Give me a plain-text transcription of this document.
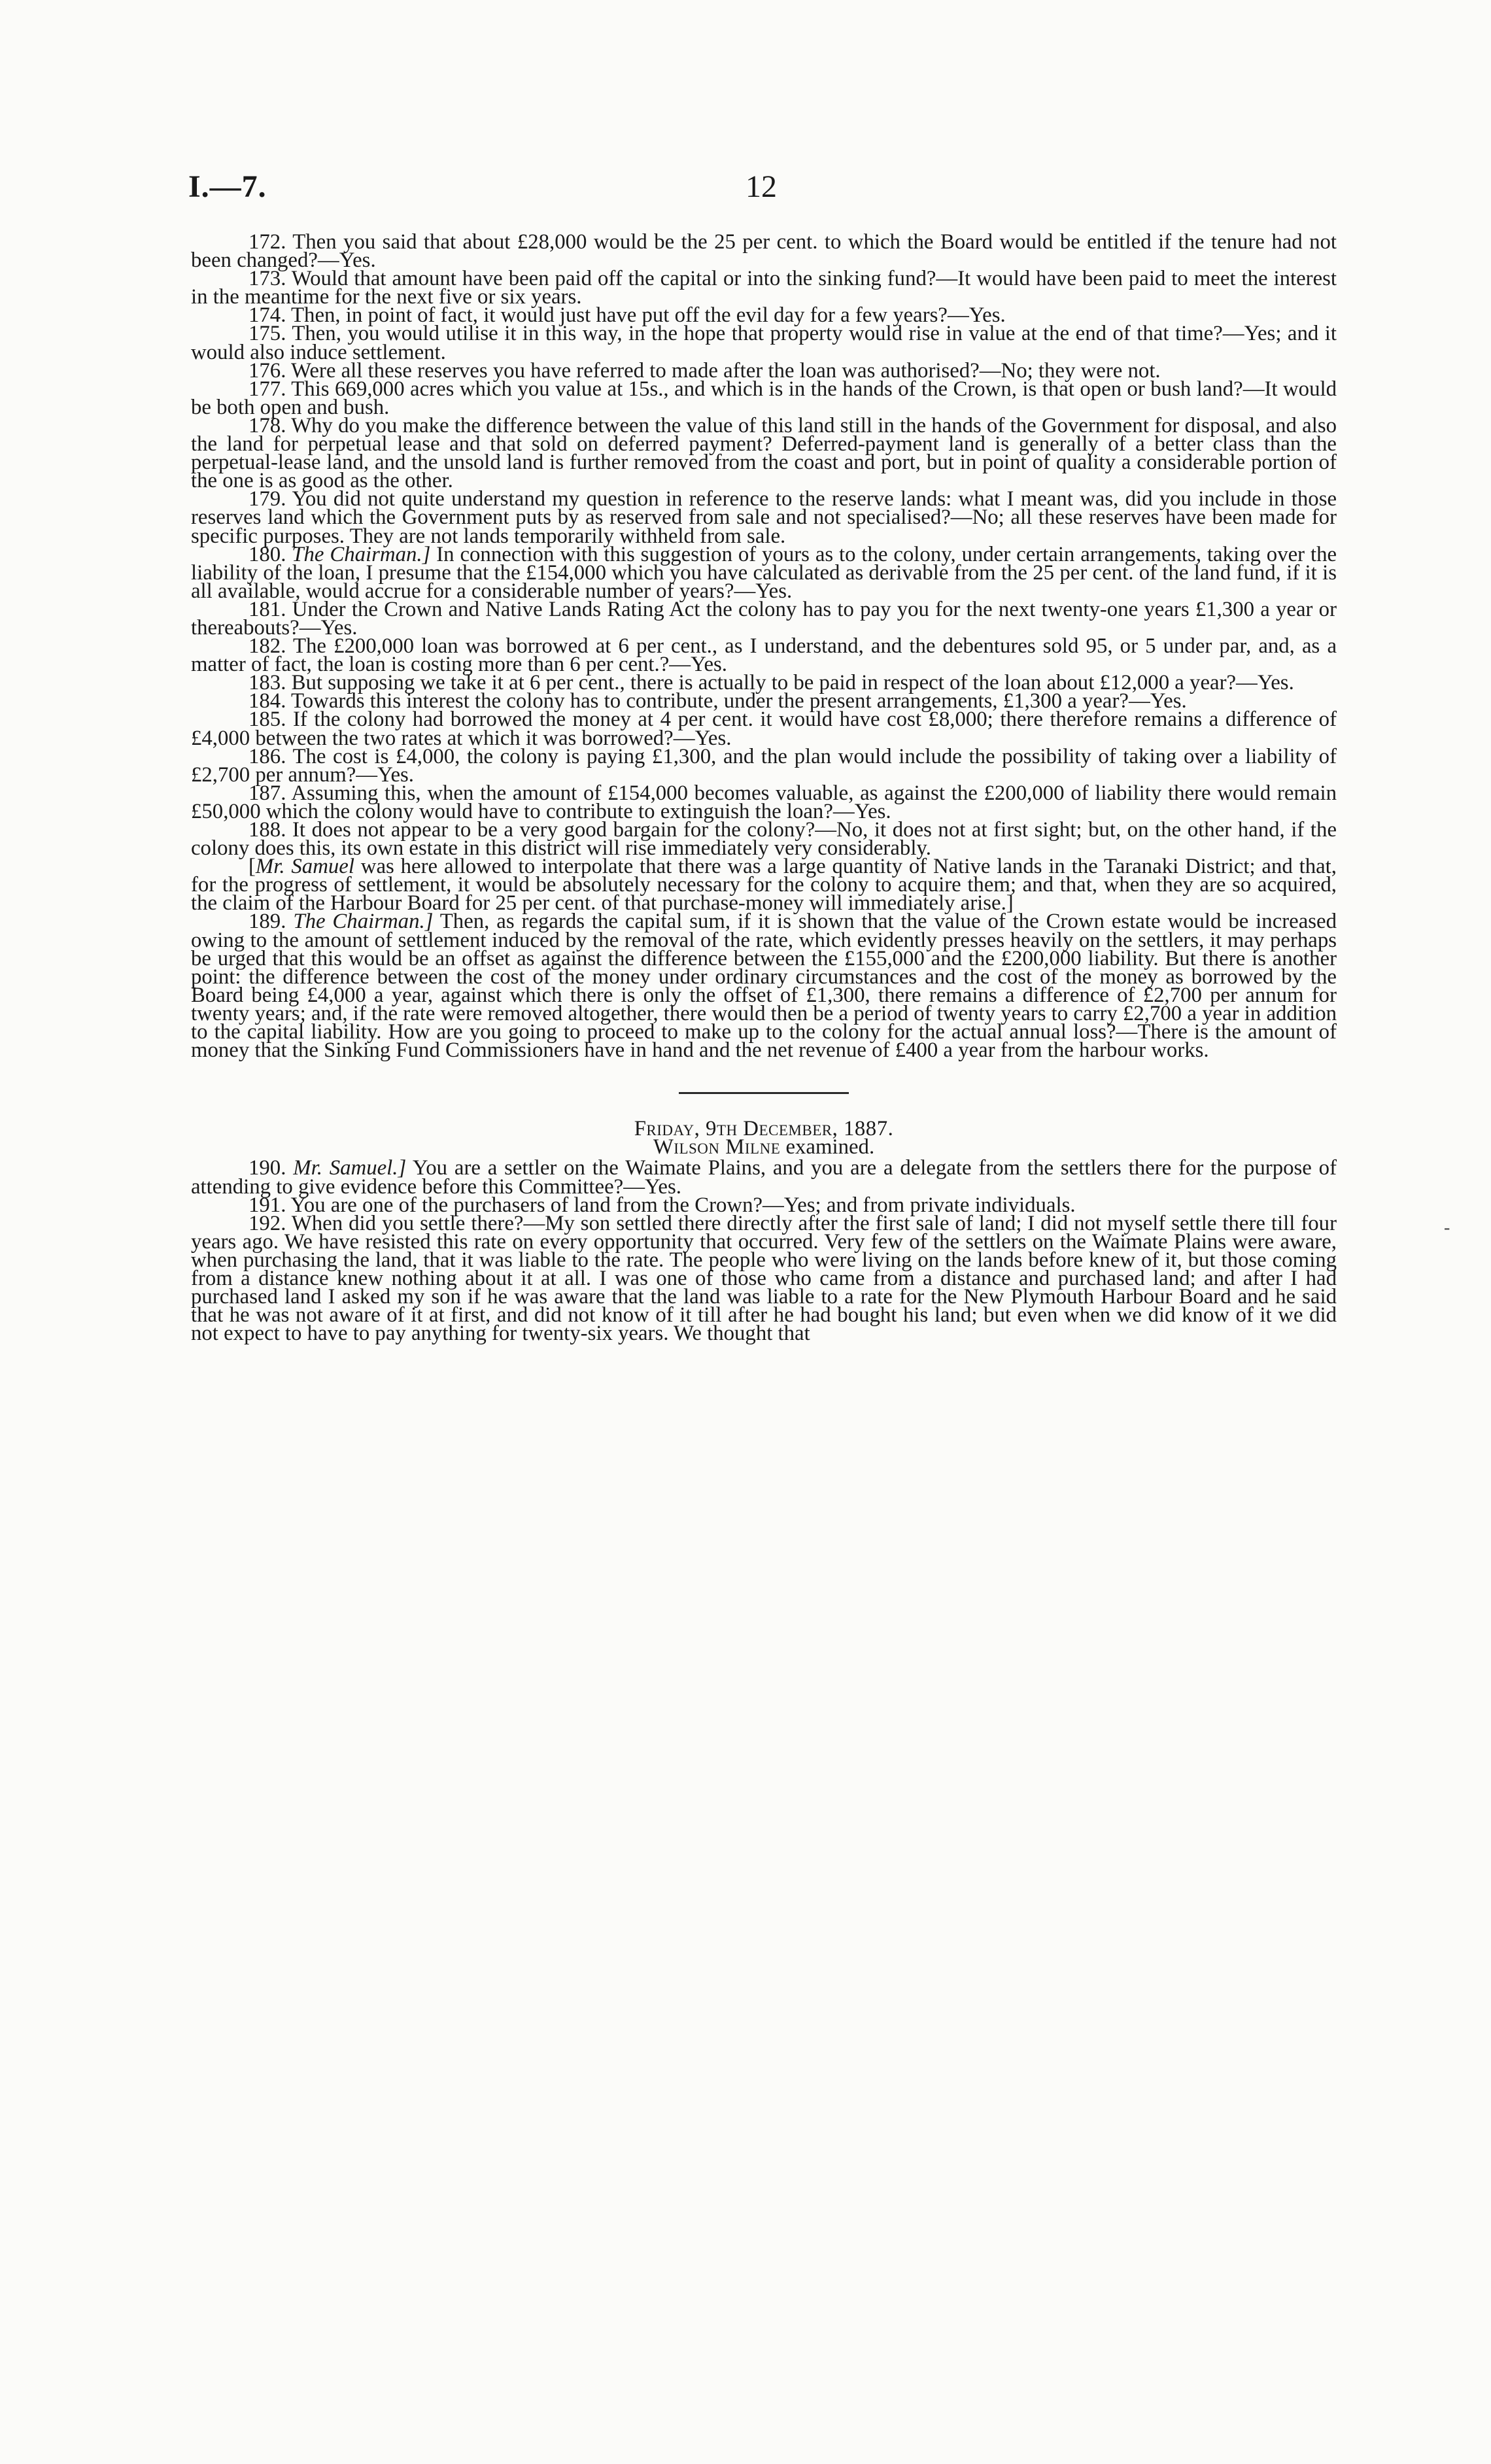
I.—7.	12

172. Then you said that about £28,000 would be the 25 per cent. to which the Board would be entitled if the tenure had not been changed?—Yes.

173. Would that amount have been paid off the capital or into the sinking fund?—It would have been paid to meet the interest in the meantime for the next five or six years.

174. Then, in point of fact, it would just have put off the evil day for a few years?—Yes.

175. Then, you would utilise it in this way, in the hope that property would rise in value at the end of that time?—Yes; and it would also induce settlement.

176. Were all these reserves you have referred to made after the loan was authorised?—No; they were not.

177. This 669,000 acres which you value at 15s., and which is in the hands of the Crown, is that open or bush land?—It would be both open and bush.

178. Why do you make the difference between the value of this land still in the hands of the Government for disposal, and also the land for perpetual lease and that sold on deferred payment? Deferred-payment land is generally of a better class than the perpetual-lease land, and the unsold land is further removed from the coast and port, but in point of quality a considerable portion of the one is as good as the other.

179. You did not quite understand my question in reference to the reserve lands: what I meant was, did you include in those reserves land which the Government puts by as reserved from sale and not specialised?—No; all these reserves have been made for specific purposes. They are not lands temporarily withheld from sale.

180. The Chairman.] In connection with this suggestion of yours as to the colony, under certain arrangements, taking over the liability of the loan, I presume that the £154,000 which you have calculated as derivable from the 25 per cent. of the land fund, if it is all available, would accrue for a considerable number of years?—Yes.

181. Under the Crown and Native Lands Rating Act the colony has to pay you for the next twenty-one years £1,300 a year or thereabouts?—Yes.

182. The £200,000 loan was borrowed at 6 per cent., as I understand, and the debentures sold 95, or 5 under par, and, as a matter of fact, the loan is costing more than 6 per cent.?—Yes.

183. But supposing we take it at 6 per cent., there is actually to be paid in respect of the loan about £12,000 a year?—Yes.

184. Towards this interest the colony has to contribute, under the present arrangements, £1,300 a year?—Yes.

185. If the colony had borrowed the money at 4 per cent. it would have cost £8,000; there therefore remains a difference of £4,000 between the two rates at which it was borrowed?—Yes.

186. The cost is £4,000, the colony is paying £1,300, and the plan would include the possibility of taking over a liability of £2,700 per annum?—Yes.

187. Assuming this, when the amount of £154,000 becomes valuable, as against the £200,000 of liability there would remain £50,000 which the colony would have to contribute to extinguish the loan?—Yes.

188. It does not appear to be a very good bargain for the colony?—No, it does not at first sight; but, on the other hand, if the colony does this, its own estate in this district will rise immediately very considerably.

[Mr. Samuel was here allowed to interpolate that there was a large quantity of Native lands in the Taranaki District; and that, for the progress of settlement, it would be absolutely necessary for the colony to acquire them; and that, when they are so acquired, the claim of the Harbour Board for 25 per cent. of that purchase-money will immediately arise.]

189. The Chairman.] Then, as regards the capital sum, if it is shown that the value of the Crown estate would be increased owing to the amount of settlement induced by the removal of the rate, which evidently presses heavily on the settlers, it may perhaps be urged that this would be an offset as against the difference between the £155,000 and the £200,000 liability. But there is another point: the difference between the cost of the money under ordinary circumstances and the cost of the money as borrowed by the Board being £4,000 a year, against which there is only the offset of £1,300, there remains a difference of £2,700 per annum for twenty years; and, if the rate were removed altogether, there would then be a period of twenty years to carry £2,700 a year in addition to the capital liability. How are you going to proceed to make up to the colony for the actual annual loss?—There is the amount of money that the Sinking Fund Commissioners have in hand and the net revenue of £400 a year from the harbour works.

Friday, 9th December, 1887.

Wilson Milne examined.

190. Mr. Samuel.] You are a settler on the Waimate Plains, and you are a delegate from the settlers there for the purpose of attending to give evidence before this Committee?—Yes.

191. You are one of the purchasers of land from the Crown?—Yes; and from private individuals.

192. When did you settle there?—My son settled there directly after the first sale of land; I did not myself settle there till four years ago. We have resisted this rate on every opportunity that occurred. Very few of the settlers on the Waimate Plains were aware, when purchasing the land, that it was liable to the rate. The people who were living on the lands before knew of it, but those coming from a distance knew nothing about it at all. I was one of those who came from a distance and purchased land; and after I had purchased land I asked my son if he was aware that the land was liable to a rate for the New Plymouth Harbour Board and he said that he was not aware of it at first, and did not know of it till after he had bought his land; but even when we did know of it we did not expect to have to pay anything for twenty-six years. We thought that

‑
